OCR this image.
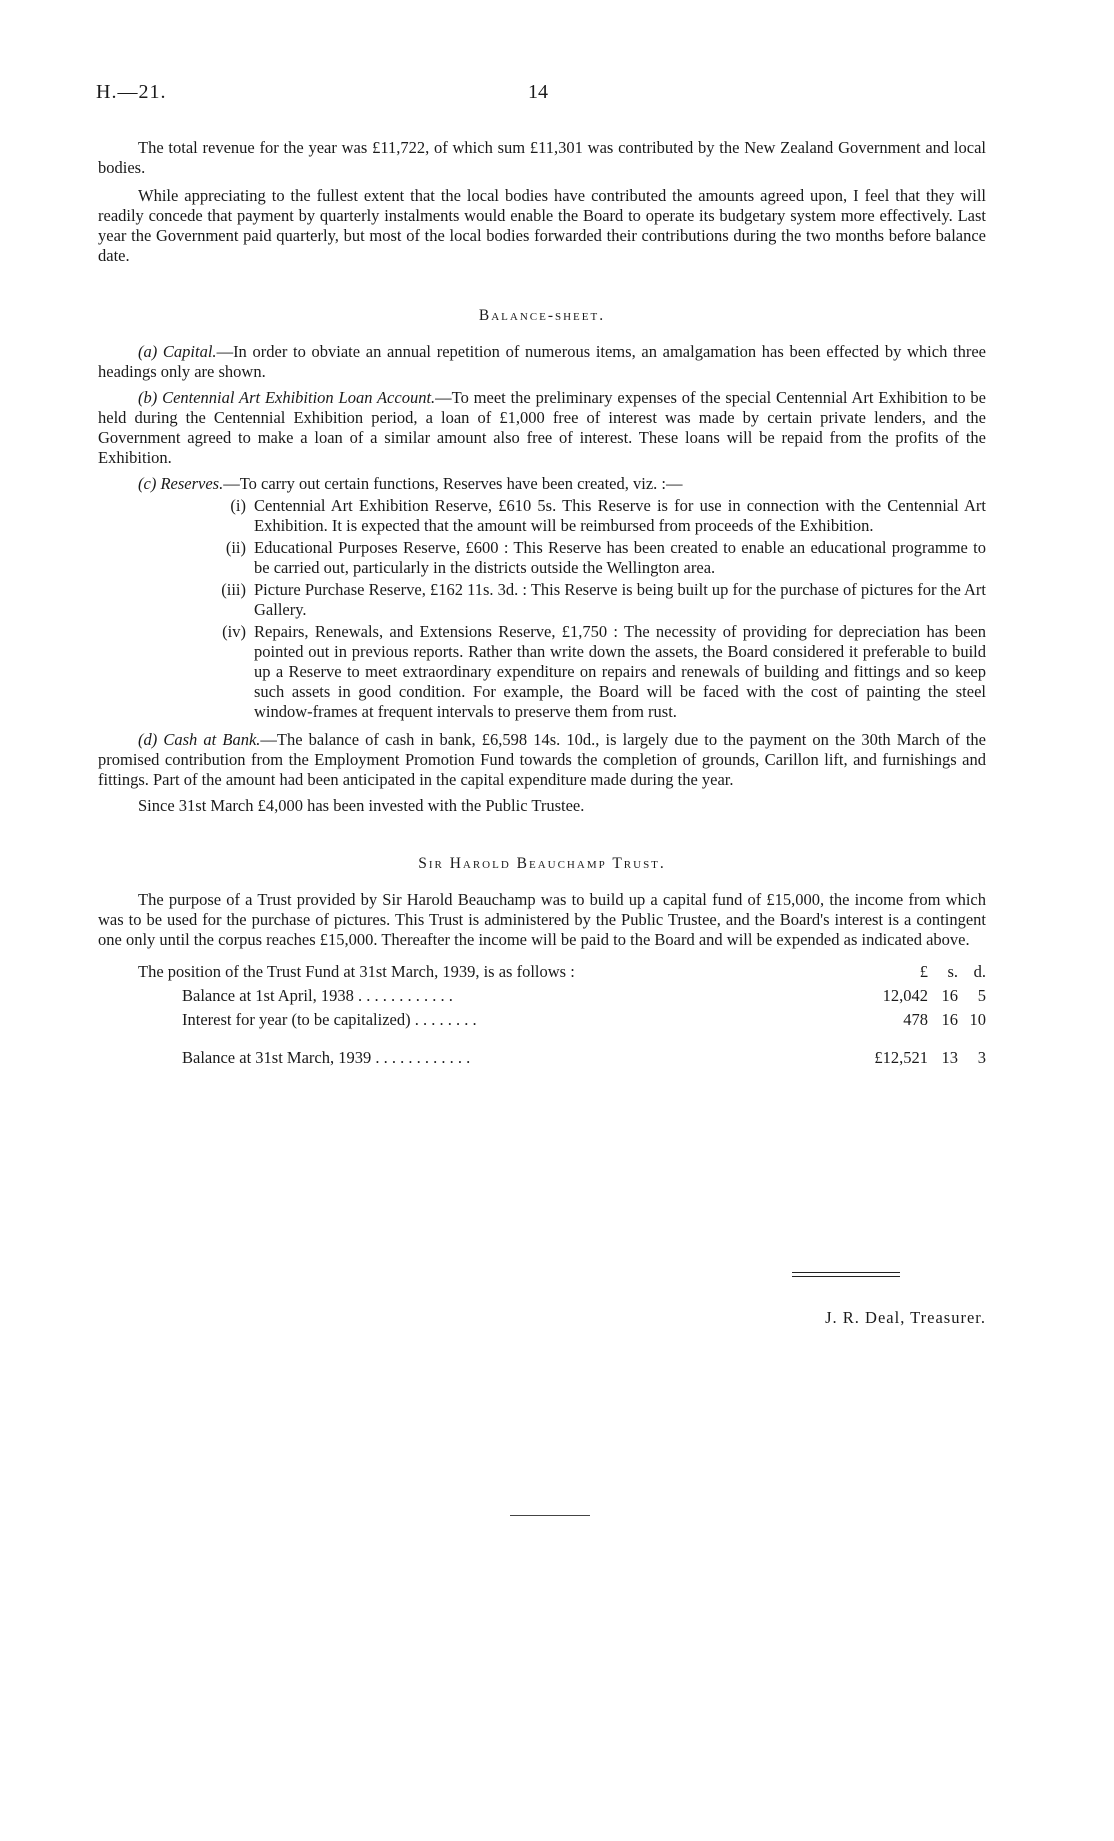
H.—21.	14

The total revenue for the year was £11,722, of which sum £11,301 was contributed by the New Zealand Government and local bodies.

While appreciating to the fullest extent that the local bodies have contributed the amounts agreed upon, I feel that they will readily concede that payment by quarterly instalments would enable the Board to operate its budgetary system more effectively. Last year the Government paid quarterly, but most of the local bodies forwarded their contributions during the two months before balance date.

Balance-sheet.

(a) Capital.—In order to obviate an annual repetition of numerous items, an amalgamation has been effected by which three headings only are shown.

(b) Centennial Art Exhibition Loan Account.—To meet the preliminary expenses of the special Centennial Art Exhibition to be held during the Centennial Exhibition period, a loan of £1,000 free of interest was made by certain private lenders, and the Government agreed to make a loan of a similar amount also free of interest. These loans will be repaid from the profits of the Exhibition.

(c) Reserves.—To carry out certain functions, Reserves have been created, viz. :—

(i) Centennial Art Exhibition Reserve, £610 5s. This Reserve is for use in connection with the Centennial Art Exhibition. It is expected that the amount will be reimbursed from proceeds of the Exhibition.
(ii) Educational Purposes Reserve, £600 : This Reserve has been created to enable an educational programme to be carried out, particularly in the districts outside the Wellington area.
(iii) Picture Purchase Reserve, £162 11s. 3d. : This Reserve is being built up for the purchase of pictures for the Art Gallery.
(iv) Repairs, Renewals, and Extensions Reserve, £1,750 : The necessity of providing for depreciation has been pointed out in previous reports. Rather than write down the assets, the Board considered it preferable to build up a Reserve to meet extraordinary expenditure on repairs and renewals of building and fittings and so keep such assets in good condition. For example, the Board will be faced with the cost of painting the steel window-frames at frequent intervals to preserve them from rust.

(d) Cash at Bank.—The balance of cash in bank, £6,598 14s. 10d., is largely due to the payment on the 30th March of the promised contribution from the Employment Promotion Fund towards the completion of grounds, Carillon lift, and furnishings and fittings. Part of the amount had been anticipated in the capital expenditure made during the year.

Since 31st March £4,000 has been invested with the Public Trustee.

Sir Harold Beauchamp Trust.

The purpose of a Trust provided by Sir Harold Beauchamp was to build up a capital fund of £15,000, the income from which was to be used for the purchase of pictures. This Trust is administered by the Public Trustee, and the Board's interest is a contingent one only until the corpus reaches £15,000. Thereafter the income will be paid to the Board and will be expended as indicated above.

The position of the Trust Fund at 31st March, 1939, is as follows :	£	s. d.
Balance at 1st April, 1938 . . . . . . . . . . . .	12,042 16	5
Interest for year (to be capitalized) . . . . . . . .	478 16 10
Balance at 31st March, 1939 . . . . . . . . . . . .	£12,521 13	3
J. R. Deal, Treasurer.
